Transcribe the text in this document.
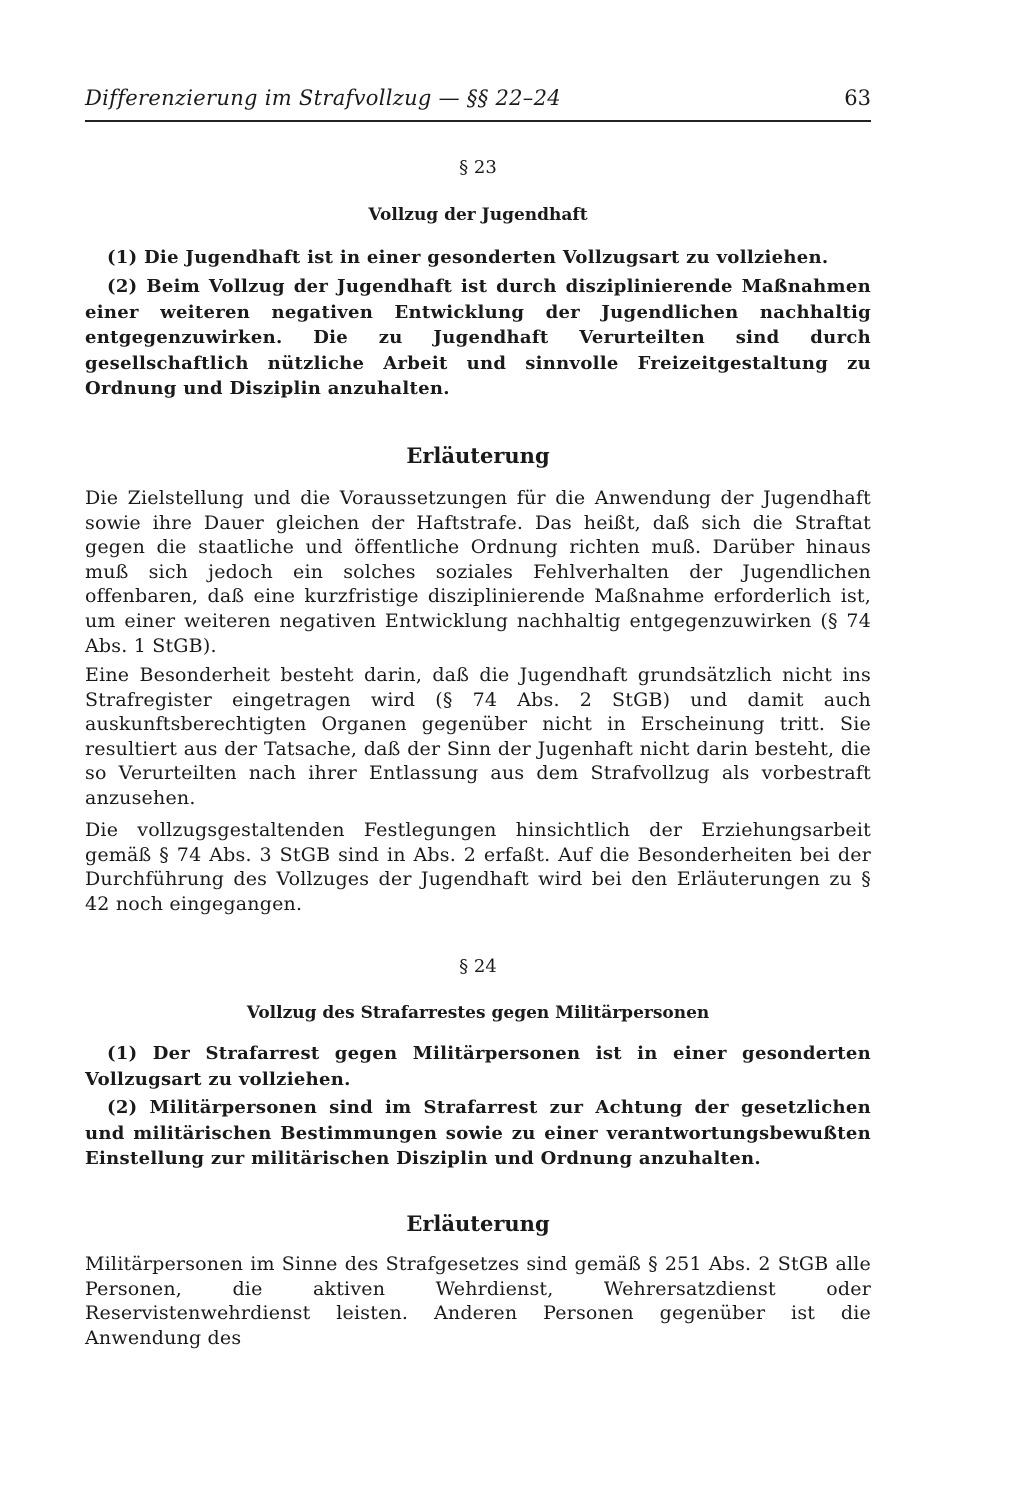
Differenzierung im Strafvollzug — §§ 22–24	63
§ 23
Vollzug der Jugendhaft

(1) Die Jugendhaft ist in einer gesonderten Vollzugsart zu vollziehen.

(2) Beim Vollzug der Jugendhaft ist durch disziplinierende Maßnahmen einer weiteren negativen Entwicklung der Jugendlichen nachhaltig entgegenzuwirken. Die zu Jugendhaft Verurteilten sind durch gesellschaftlich nützliche Arbeit und sinnvolle Freizeitgestaltung zu Ordnung und Disziplin anzuhalten.

Erläuterung

Die Zielstellung und die Voraussetzungen für die Anwendung der Jugendhaft sowie ihre Dauer gleichen der Haftstrafe. Das heißt, daß sich die Straftat gegen die staatliche und öffentliche Ordnung richten muß. Darüber hinaus muß sich jedoch ein solches soziales Fehlverhalten der Jugendlichen offenbaren, daß eine kurzfristige disziplinierende Maßnahme erforderlich ist, um einer weiteren negativen Entwicklung nachhaltig entgegenzuwirken (§ 74 Abs. 1 StGB).

Eine Besonderheit besteht darin, daß die Jugendhaft grundsätzlich nicht ins Strafregister eingetragen wird (§ 74 Abs. 2 StGB) und damit auch auskunftsberechtigten Organen gegenüber nicht in Erscheinung tritt. Sie resultiert aus der Tatsache, daß der Sinn der Jugenhaft nicht darin besteht, die so Verurteilten nach ihrer Entlassung aus dem Strafvollzug als vorbestraft anzusehen.

Die vollzugsgestaltenden Festlegungen hinsichtlich der Erziehungsarbeit gemäß § 74 Abs. 3 StGB sind in Abs. 2 erfaßt. Auf die Besonderheiten bei der Durchführung des Vollzuges der Jugendhaft wird bei den Erläuterungen zu § 42 noch eingegangen.

§ 24
Vollzug des Strafarrestes gegen Militärpersonen

(1) Der Strafarrest gegen Militärpersonen ist in einer gesonderten Vollzugsart zu vollziehen.

(2) Militärpersonen sind im Strafarrest zur Achtung der gesetzlichen und militärischen Bestimmungen sowie zu einer verantwortungsbewußten Einstellung zur militärischen Disziplin und Ordnung anzuhalten.

Erläuterung

Militärpersonen im Sinne des Strafgesetzes sind gemäß § 251 Abs. 2 StGB alle Personen, die aktiven Wehrdienst, Wehrersatzdienst oder Reservistenwehrdienst leisten. Anderen Personen gegenüber ist die Anwendung des
